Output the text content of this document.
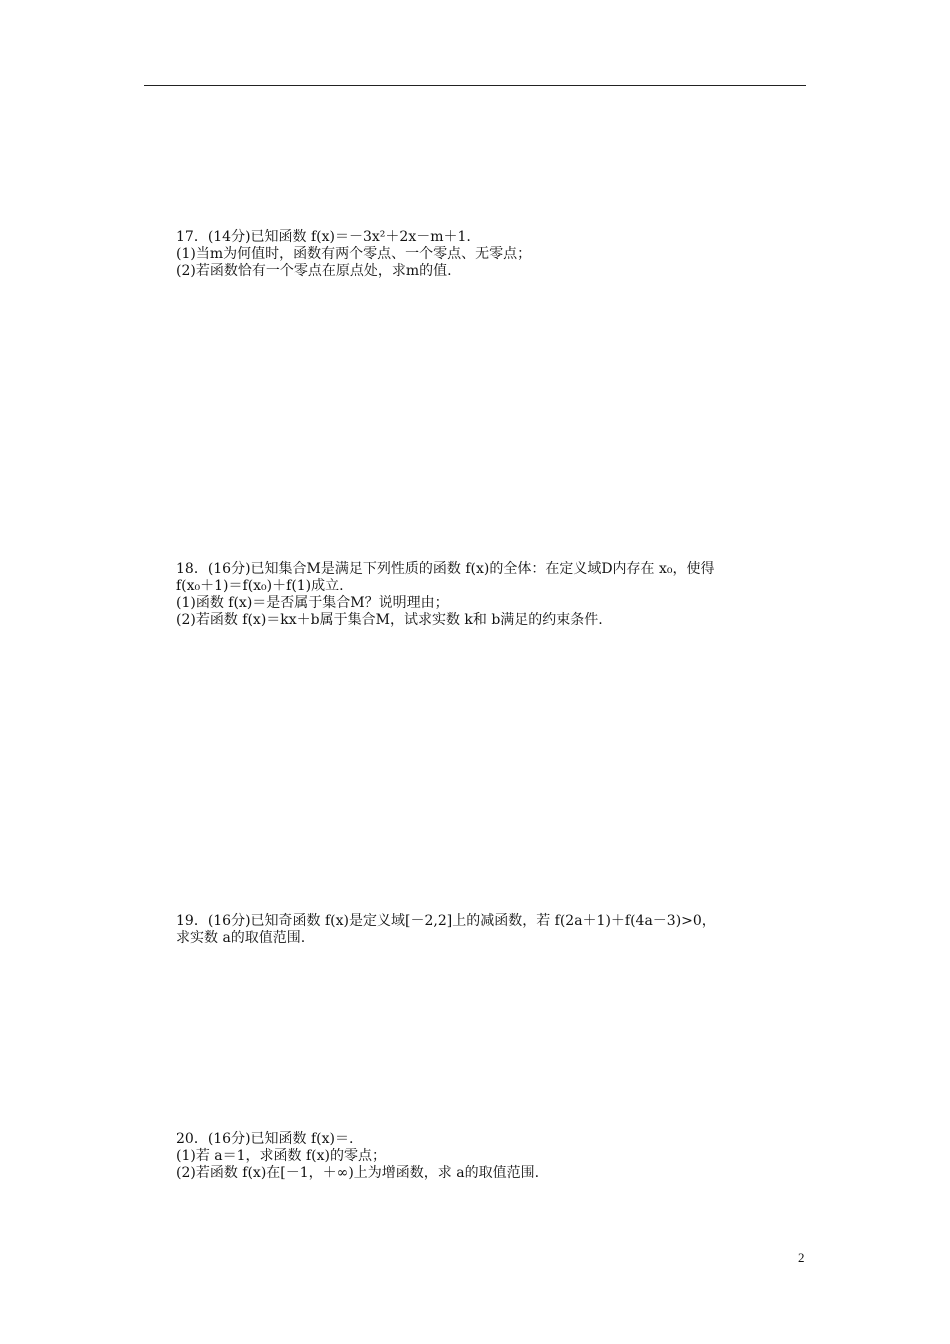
17．(14分)已知函数 f(x)＝－3x²＋2x－m＋1.
(1)当m为何值时，函数有两个零点、一个零点、无零点；
(2)若函数恰有一个零点在原点处，求m的值.
18．(16分)已知集合M是满足下列性质的函数 f(x)的全体：在定义域D内存在 x₀，使得
f(x₀＋1)＝f(x₀)＋f(1)成立.
(1)函数 f(x)＝是否属于集合M？说明理由；
(2)若函数 f(x)＝kx＋b属于集合M，试求实数 k和 b满足的约束条件.
19．(16分)已知奇函数 f(x)是定义域[－2,2]上的减函数，若 f(2a＋1)＋f(4a－3)>0，
求实数 a的取值范围.
20．(16分)已知函数 f(x)＝.
(1)若 a＝1，求函数 f(x)的零点；
(2)若函数 f(x)在[－1，＋∞)上为增函数，求 a的取值范围.
2
